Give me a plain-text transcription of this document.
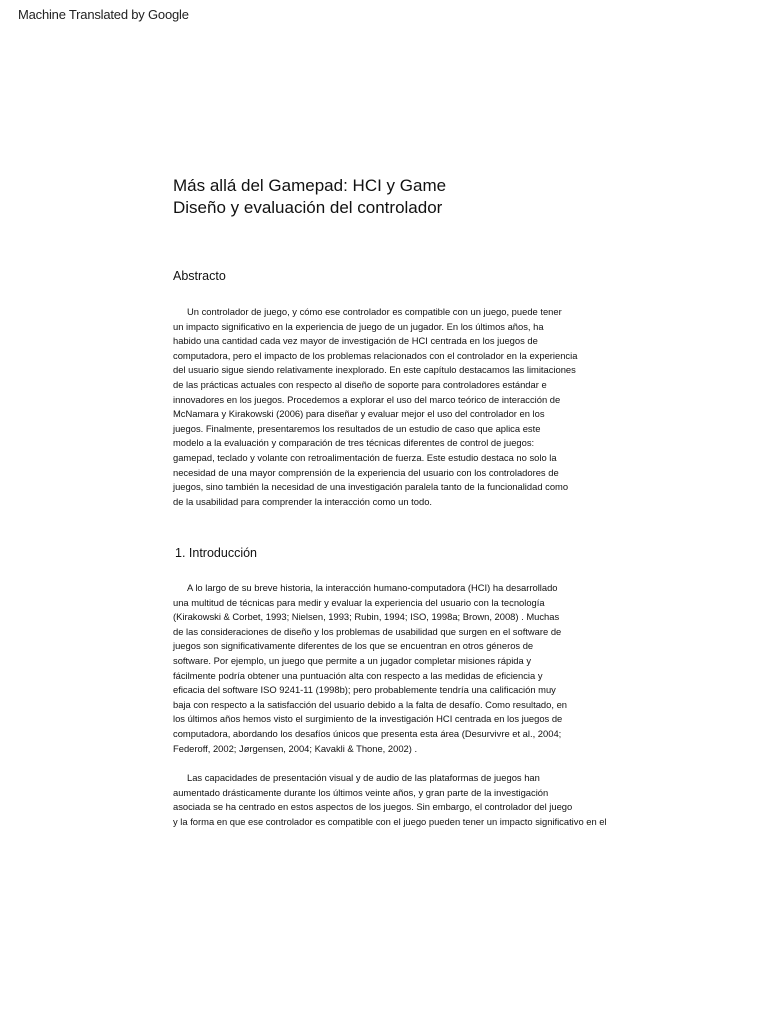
Machine Translated by Google
Más allá del Gamepad: HCI y Game
Diseño y evaluación del controlador
Abstracto
Un controlador de juego, y cómo ese controlador es compatible con un juego, puede tener
un impacto significativo en la experiencia de juego de un jugador. En los últimos años, ha
habido una cantidad cada vez mayor de investigación de HCI centrada en los juegos de
computadora, pero el impacto de los problemas relacionados con el controlador en la experiencia
del usuario sigue siendo relativamente inexplorado. En este capítulo destacamos las limitaciones
de las prácticas actuales con respecto al diseño de soporte para controladores estándar e
innovadores en los juegos. Procedemos a explorar el uso del marco teórico de interacción de
McNamara y Kirakowski (2006) para diseñar y evaluar mejor el uso del controlador en los
juegos. Finalmente, presentaremos los resultados de un estudio de caso que aplica este
modelo a la evaluación y comparación de tres técnicas diferentes de control de juegos:
gamepad, teclado y volante con retroalimentación de fuerza. Este estudio destaca no solo la
necesidad de una mayor comprensión de la experiencia del usuario con los controladores de
juegos, sino también la necesidad de una investigación paralela tanto de la funcionalidad como
de la usabilidad para comprender la interacción como un todo.
1. Introducción
A lo largo de su breve historia, la interacción humano-computadora (HCI) ha desarrollado
una multitud de técnicas para medir y evaluar la experiencia del usuario con la tecnología
(Kirakowski & Corbet, 1993; Nielsen, 1993; Rubin, 1994; ISO, 1998a; Brown, 2008) . Muchas
de las consideraciones de diseño y los problemas de usabilidad que surgen en el software de
juegos son significativamente diferentes de los que se encuentran en otros géneros de
software. Por ejemplo, un juego que permite a un jugador completar misiones rápida y
fácilmente podría obtener una puntuación alta con respecto a las medidas de eficiencia y
eficacia del software ISO 9241-11 (1998b); pero probablemente tendría una calificación muy
baja con respecto a la satisfacción del usuario debido a la falta de desafío. Como resultado, en
los últimos años hemos visto el surgimiento de la investigación HCI centrada en los juegos de
computadora, abordando los desafíos únicos que presenta esta área (Desurvivre et al., 2004;
Federoff, 2002; Jørgensen, 2004; Kavakli & Thone, 2002) .
Las capacidades de presentación visual y de audio de las plataformas de juegos han
aumentado drásticamente durante los últimos veinte años, y gran parte de la investigación
asociada se ha centrado en estos aspectos de los juegos. Sin embargo, el controlador del juego
y la forma en que ese controlador es compatible con el juego pueden tener un impacto significativo en el
